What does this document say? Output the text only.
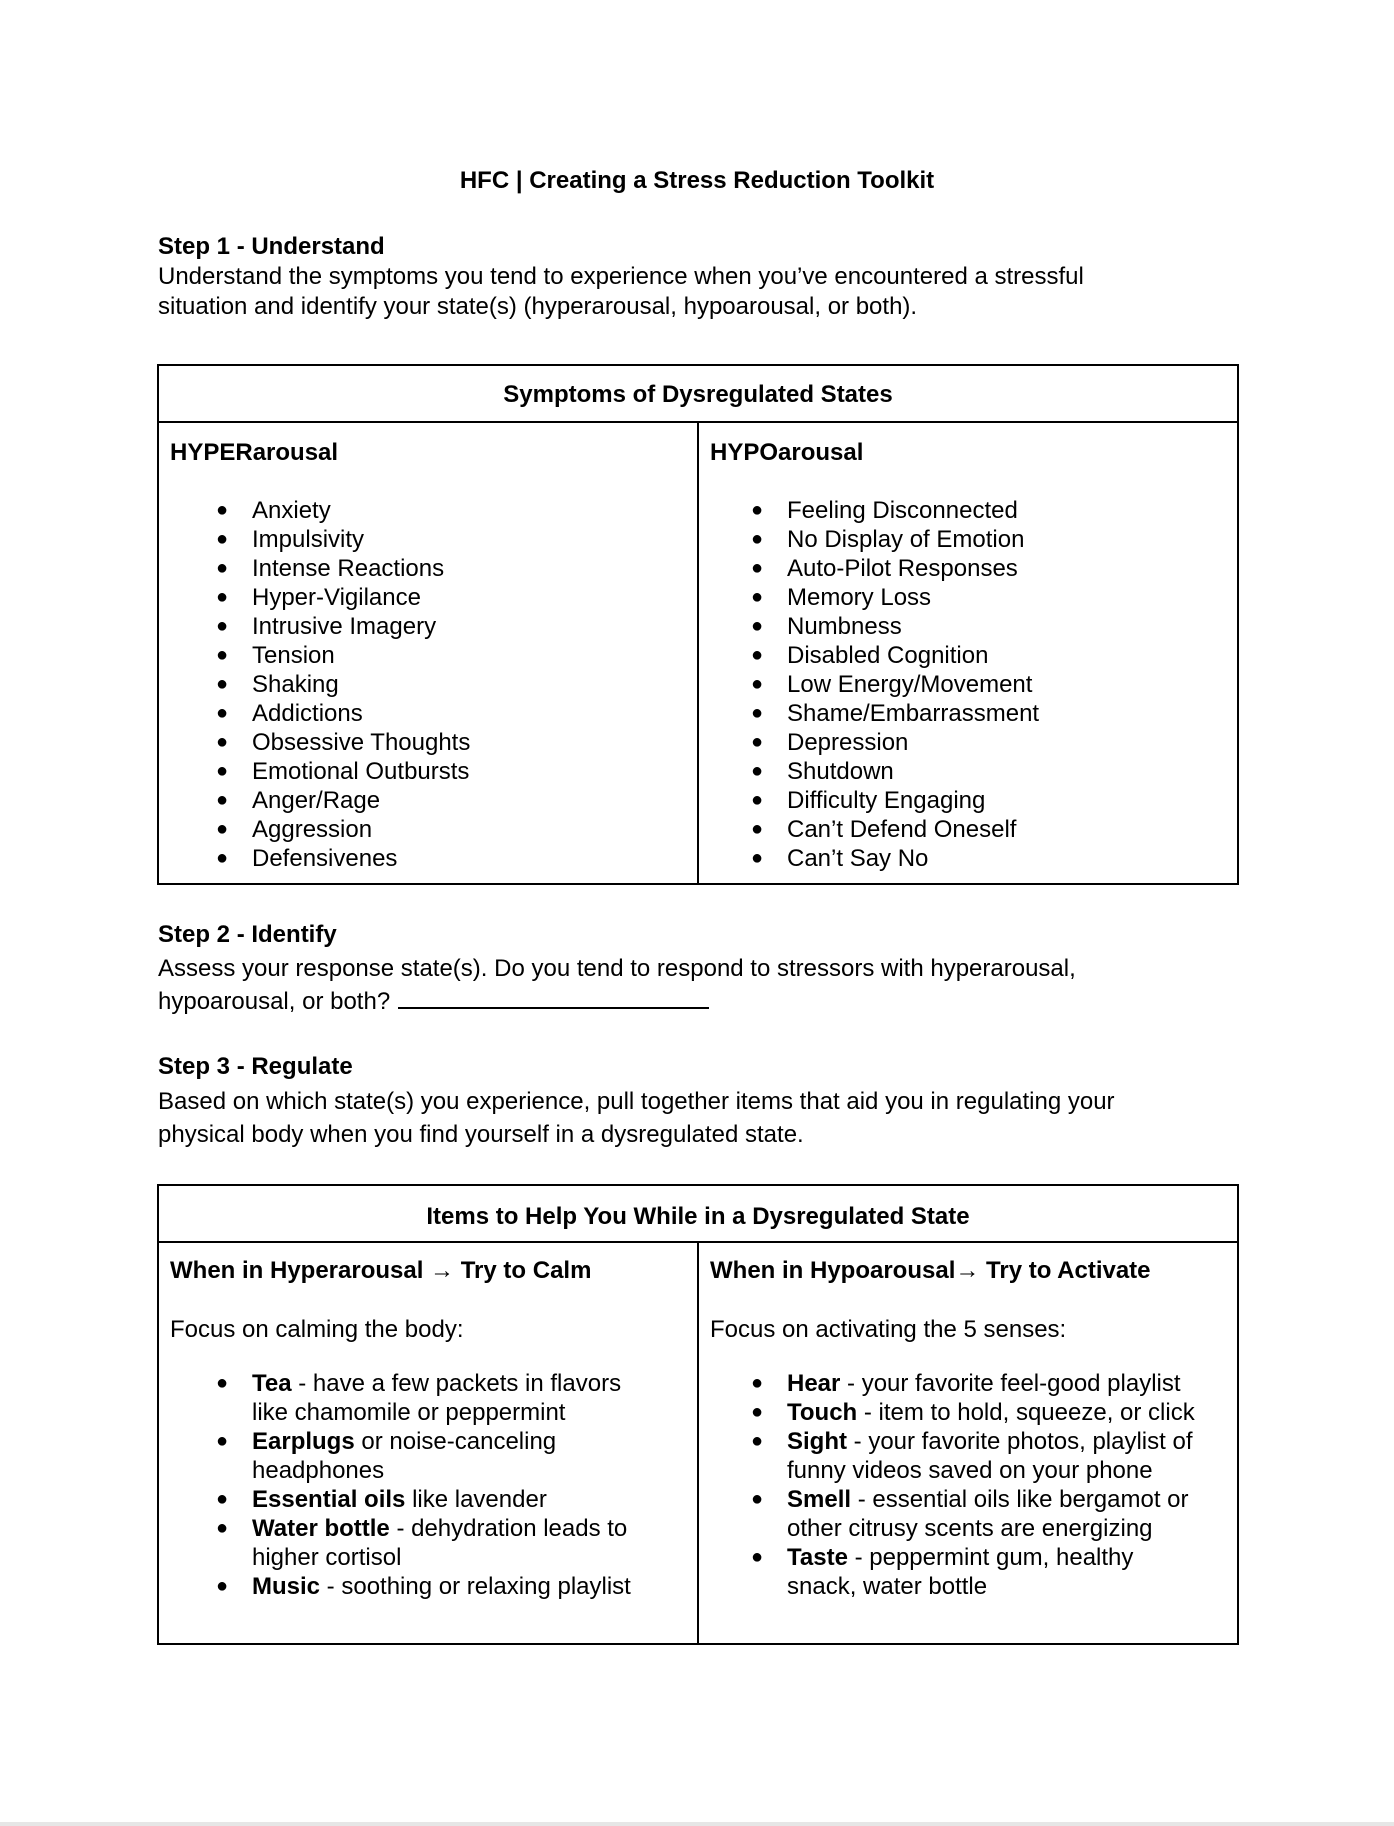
HFC | Creating a Stress Reduction Toolkit
Step 1 - Understand
Understand the symptoms you tend to experience when you’ve encountered a stressful
situation and identify your state(s) (hyperarousal, hypoarousal, or both).
Symptoms of Dysregulated States
HYPERarousal
● Anxiety
● Impulsivity
● Intense Reactions
● Hyper-Vigilance
● Intrusive Imagery
● Tension
● Shaking
● Addictions
● Obsessive Thoughts
● Emotional Outbursts
● Anger/Rage
● Aggression
● Defensivenes
HYPOarousal
● Feeling Disconnected
● No Display of Emotion
● Auto-Pilot Responses
● Memory Loss
● Numbness
● Disabled Cognition
● Low Energy/Movement
● Shame/Embarrassment
● Depression
● Shutdown
● Difficulty Engaging
● Can’t Defend Oneself
● Can’t Say No
Step 2 - Identify
Assess your response state(s). Do you tend to respond to stressors with hyperarousal,
hypoarousal, or both?
Step 3 - Regulate
Based on which state(s) you experience, pull together items that aid you in regulating your
physical body when you find yourself in a dysregulated state.
Items to Help You While in a Dysregulated State
When in Hyperarousal → Try to Calm
Focus on calming the body:
● Tea - have a few packets in flavors
like chamomile or peppermint
● Earplugs or noise-canceling
headphones
● Essential oils like lavender
● Water bottle - dehydration leads to
higher cortisol
● Music - soothing or relaxing playlist
When in Hypoarousal→ Try to Activate
Focus on activating the 5 senses:
● Hear - your favorite feel-good playlist
● Touch - item to hold, squeeze, or click
● Sight - your favorite photos, playlist of
funny videos saved on your phone
● Smell - essential oils like bergamot or
other citrusy scents are energizing
● Taste - peppermint gum, healthy
snack, water bottle
